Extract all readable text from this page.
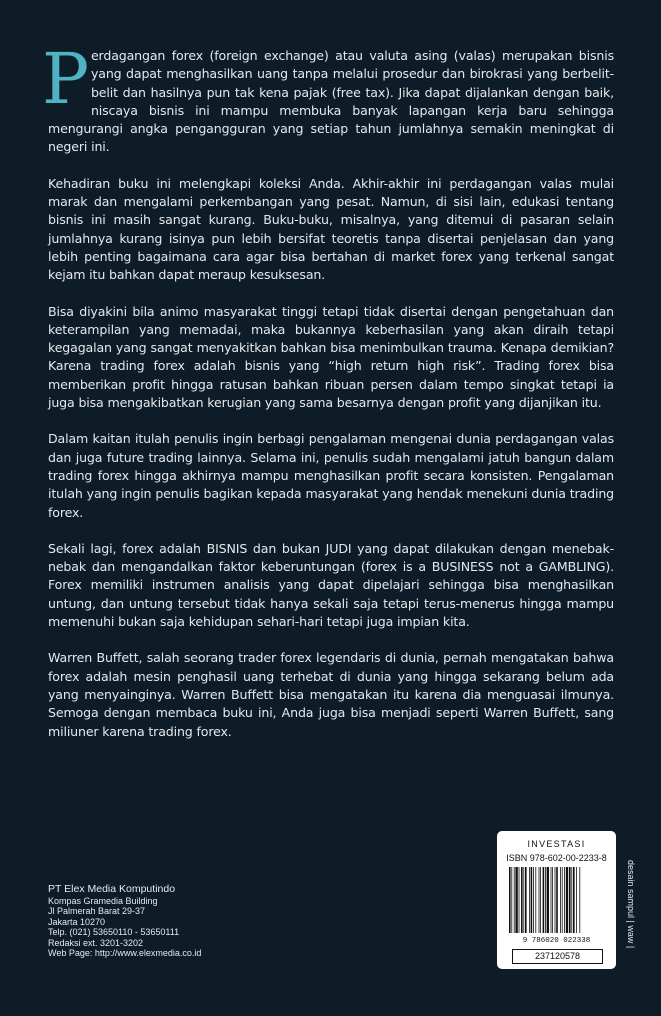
Perdagangan forex (foreign exchange) atau valuta asing (valas) merupakan bisnis yang dapat menghasilkan uang tanpa melalui prosedur dan birokrasi yang berbelit-belit dan hasilnya pun tak kena pajak (free tax). Jika dapat dijalankan dengan baik, niscaya bisnis ini mampu membuka banyak lapangan kerja baru sehingga mengurangi angka pengangguran yang setiap tahun jumlahnya semakin meningkat di negeri ini.

Kehadiran buku ini melengkapi koleksi Anda. Akhir-akhir ini perdagangan valas mulai marak dan mengalami perkembangan yang pesat. Namun, di sisi lain, edukasi tentang bisnis ini masih sangat kurang. Buku-buku, misalnya, yang ditemui di pasaran selain jumlahnya kurang isinya pun lebih bersifat teoretis tanpa disertai penjelasan dan yang lebih penting bagaimana cara agar bisa bertahan di market forex yang terkenal sangat kejam itu bahkan dapat meraup kesuksesan.

Bisa diyakini bila animo masyarakat tinggi tetapi tidak disertai dengan pengetahuan dan keterampilan yang memadai, maka bukannya keberhasilan yang akan diraih tetapi kegagalan yang sangat menyakitkan bahkan bisa menimbulkan trauma. Kenapa demikian? Karena trading forex adalah bisnis yang “high return high risk”. Trading forex bisa memberikan profit hingga ratusan bahkan ribuan persen dalam tempo singkat tetapi ia juga bisa mengakibatkan kerugian yang sama besarnya dengan profit yang dijanjikan itu.

Dalam kaitan itulah penulis ingin berbagi pengalaman mengenai dunia perdagangan valas dan juga future trading lainnya. Selama ini, penulis sudah mengalami jatuh bangun dalam trading forex hingga akhirnya mampu menghasilkan profit secara konsisten. Pengalaman itulah yang ingin penulis bagikan kepada masyarakat yang hendak menekuni dunia trading forex.

Sekali lagi, forex adalah BISNIS dan bukan JUDI yang dapat dilakukan dengan menebak-nebak dan mengandalkan faktor keberuntungan (forex is a BUSINESS not a GAMBLING). Forex memiliki instrumen analisis yang dapat dipelajari sehingga bisa menghasilkan untung, dan untung tersebut tidak hanya sekali saja tetapi terus-menerus hingga mampu memenuhi bukan saja kehidupan sehari-hari tetapi juga impian kita.

Warren Buffett, salah seorang trader forex legendaris di dunia, pernah mengatakan bahwa forex adalah mesin penghasil uang terhebat di dunia yang hingga sekarang belum ada yang menyainginya. Warren Buffett bisa mengatakan itu karena dia menguasai ilmunya. Semoga dengan membaca buku ini, Anda juga bisa menjadi seperti Warren Buffett, sang miliuner karena trading forex.

PT Elex Media Komputindo
Kompas Gramedia Building
Jl Palmerah Barat 29-37
Jakarta 10270
Telp. (021) 53650110 - 53650111
Redaksi ext. 3201-3202
Web Page: http://www.elexmedia.co.id
INVESTASI
ISBN 978-602-00-2233-8
9 786020 022338
237120578
desain sampul | waw |
